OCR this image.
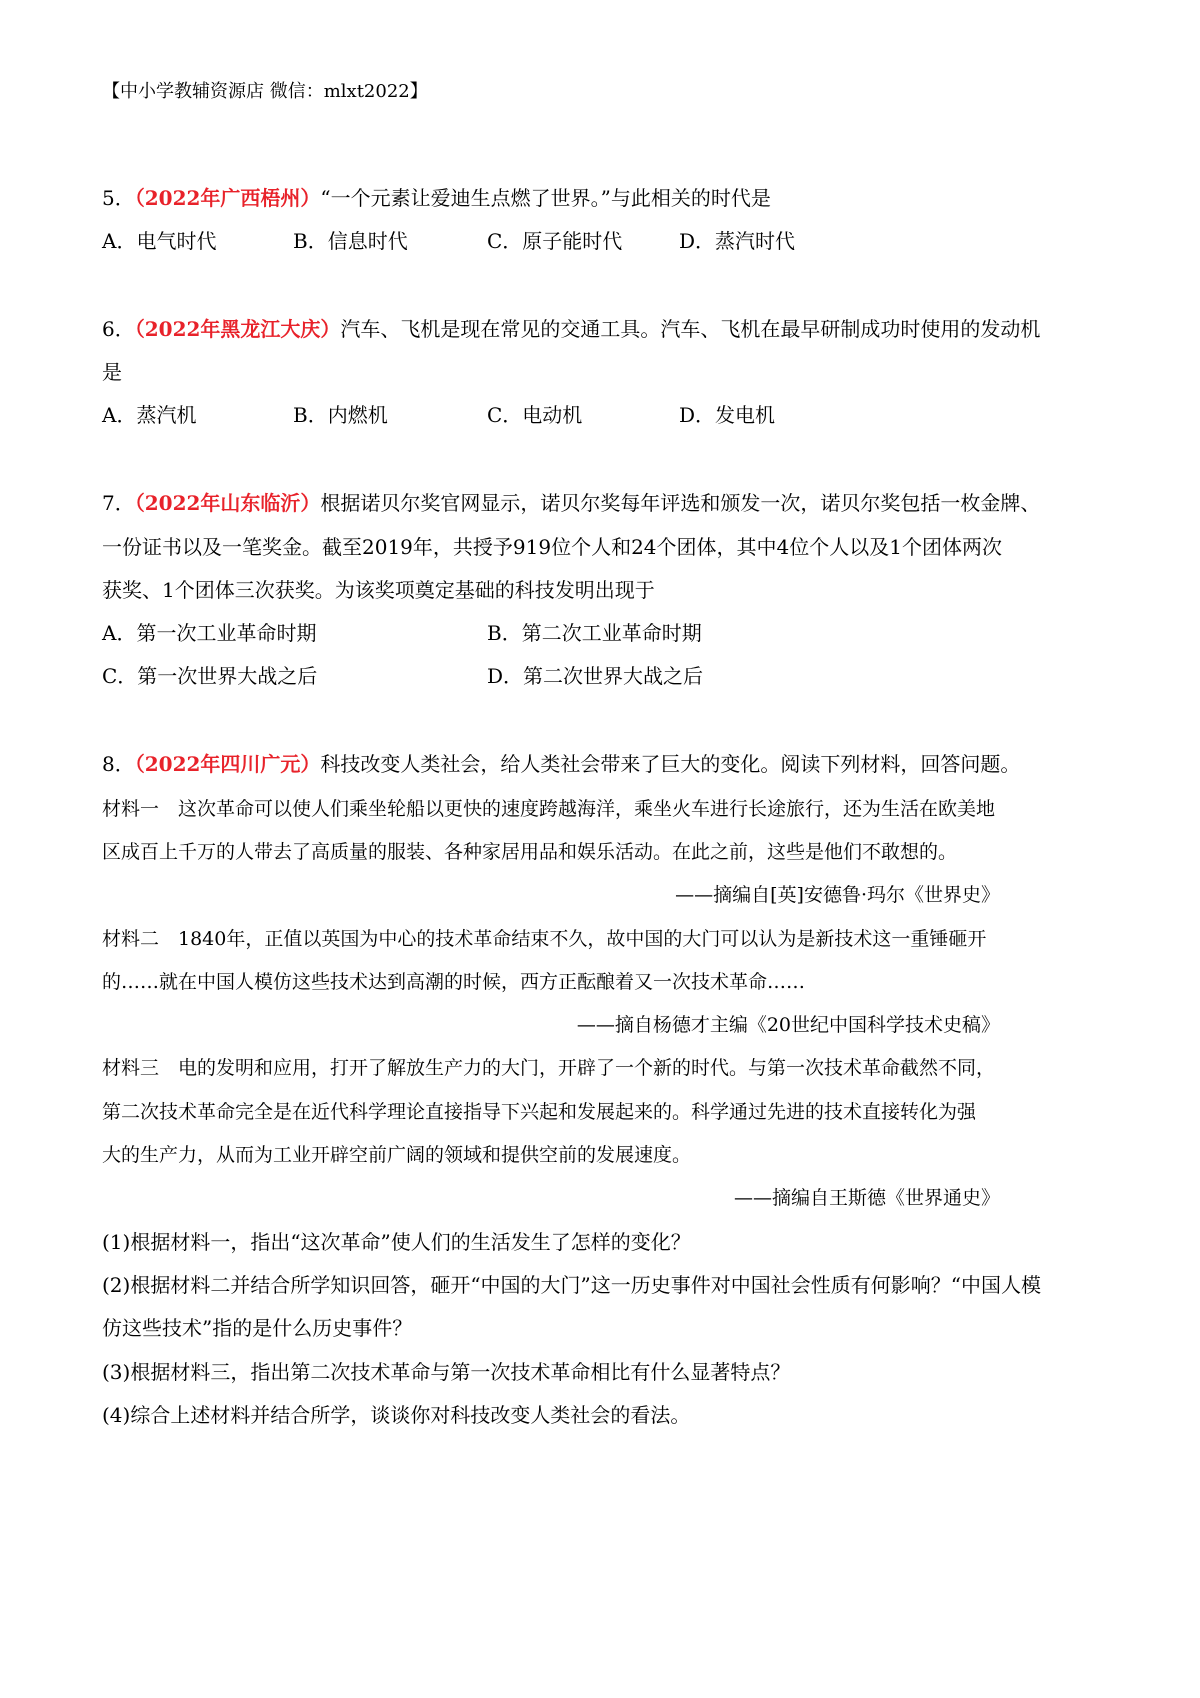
【中小学教辅资源店 微信：mlxt2022】
5．（2022年广西梧州）“一个元素让爱迪生点燃了世界。”与此相关的时代是
A．电气时代	B．信息时代	C．原子能时代	D．蒸汽时代
6．（2022年黑龙江大庆）汽车、飞机是现在常见的交通工具。汽车、飞机在最早研制成功时使用的发动机
是
A．蒸汽机	B．内燃机	C．电动机	D．发电机
7．（2022年山东临沂）根据诺贝尔奖官网显示，诺贝尔奖每年评选和颁发一次，诺贝尔奖包括一枚金牌、
一份证书以及一笔奖金。截至2019年，共授予919位个人和24个团体，其中4位个人以及1个团体两次
获奖、1个团体三次获奖。为该奖项奠定基础的科技发明出现于
A．第一次工业革命时期	B．第二次工业革命时期
C．第一次世界大战之后	D．第二次世界大战之后
8．（2022年四川广元）科技改变人类社会，给人类社会带来了巨大的变化。阅读下列材料，回答问题。
材料一　这次革命可以使人们乘坐轮船以更快的速度跨越海洋，乘坐火车进行长途旅行，还为生活在欧美地
区成百上千万的人带去了高质量的服装、各种家居用品和娱乐活动。在此之前，这些是他们不敢想的。
——摘编自[英]安德鲁·玛尔《世界史》
材料二　1840年，正值以英国为中心的技术革命结束不久，故中国的大门可以认为是新技术这一重锤砸开
的……就在中国人模仿这些技术达到高潮的时候，西方正酝酿着又一次技术革命……
——摘自杨德才主编《20世纪中国科学技术史稿》
材料三　电的发明和应用，打开了解放生产力的大门，开辟了一个新的时代。与第一次技术革命截然不同，
第二次技术革命完全是在近代科学理论直接指导下兴起和发展起来的。科学通过先进的技术直接转化为强
大的生产力，从而为工业开辟空前广阔的领域和提供空前的发展速度。
——摘编自王斯德《世界通史》
(1)根据材料一，指出“这次革命”使人们的生活发生了怎样的变化？
(2)根据材料二并结合所学知识回答，砸开“中国的大门”这一历史事件对中国社会性质有何影响？“中国人模
仿这些技术”指的是什么历史事件？
(3)根据材料三，指出第二次技术革命与第一次技术革命相比有什么显著特点？
(4)综合上述材料并结合所学，谈谈你对科技改变人类社会的看法。
